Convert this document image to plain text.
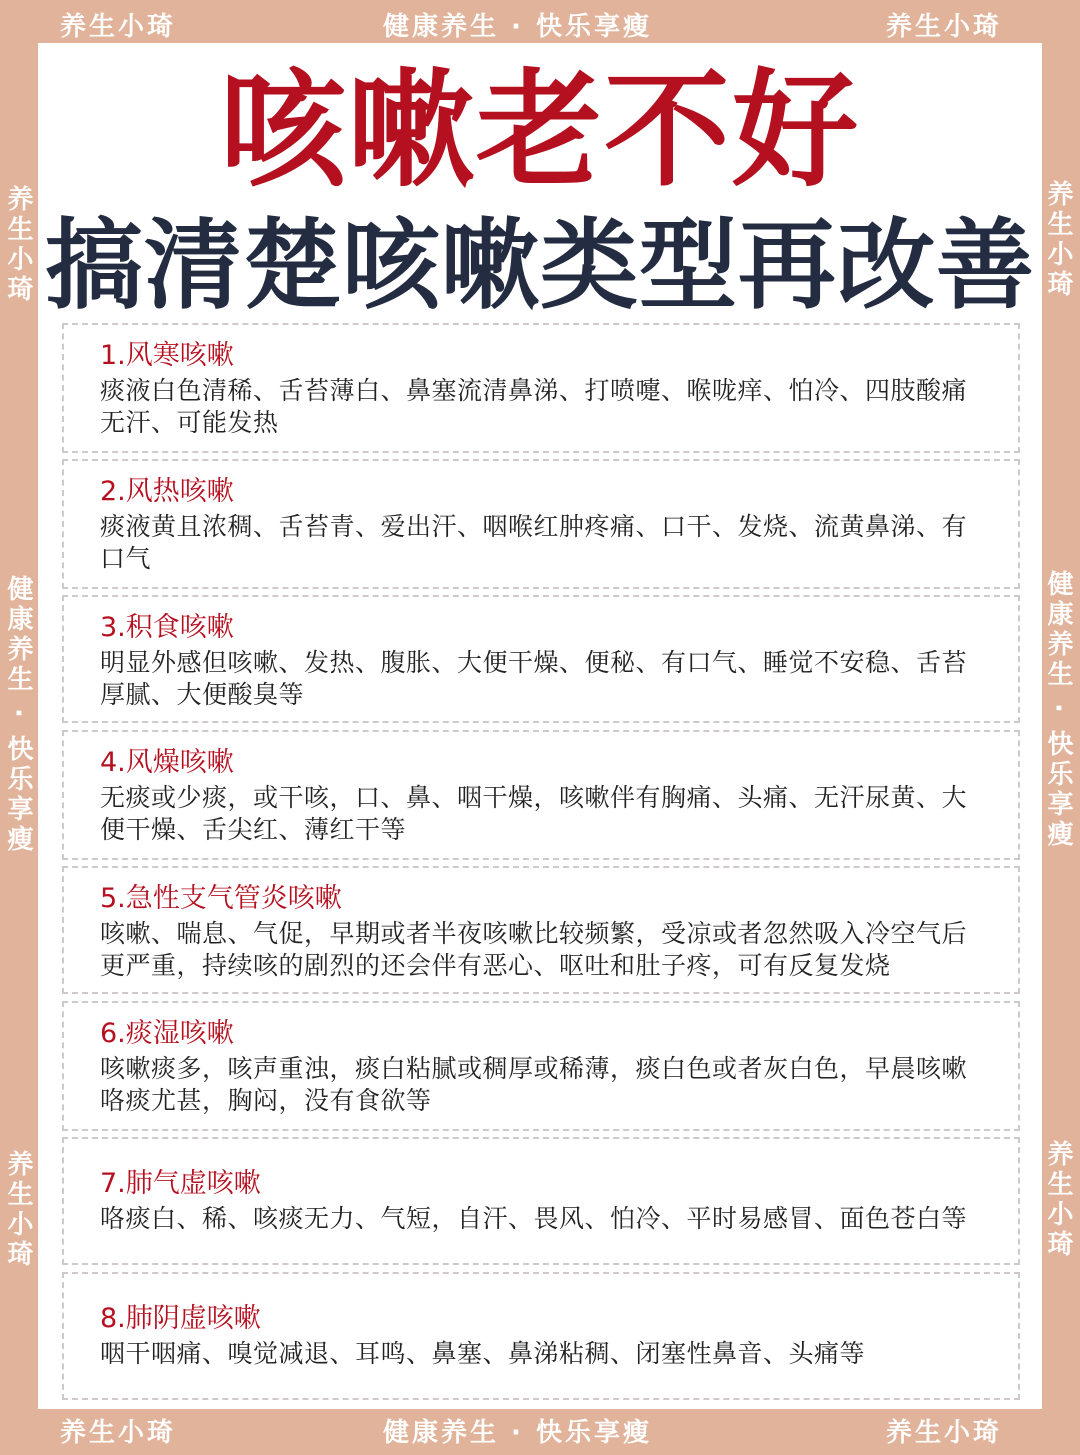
养生小琦	健康养生 · 快乐享瘦	养生小琦
养生小琦	健康养生 · 快乐享瘦	养生小琦
养生小琦
健康养生 · 快乐享瘦
养生小琦
养生小琦
健康养生 · 快乐享瘦
养生小琦
咳嗽老不好
搞清楚咳嗽类型再改善
1.风寒咳嗽
痰液白色清稀、舌苔薄白、鼻塞流清鼻涕、打喷嚏、喉咙痒、怕冷、四肢酸痛无汗、可能发热
2.风热咳嗽
痰液黄且浓稠、舌苔青、爱出汗、咽喉红肿疼痛、口干、发烧、流黄鼻涕、有口气
3.积食咳嗽
明显外感但咳嗽、发热、腹胀、大便干燥、便秘、有口气、睡觉不安稳、舌苔厚腻、大便酸臭等
4.风燥咳嗽
无痰或少痰，或干咳，口、鼻、咽干燥，咳嗽伴有胸痛、头痛、无汗尿黄、大便干燥、舌尖红、薄红干等
5.急性支气管炎咳嗽
咳嗽、喘息、气促，早期或者半夜咳嗽比较频繁，受凉或者忽然吸入冷空气后更严重，持续咳的剧烈的还会伴有恶心、呕吐和肚子疼，可有反复发烧
6.痰湿咳嗽
咳嗽痰多，咳声重浊，痰白粘腻或稠厚或稀薄，痰白色或者灰白色，早晨咳嗽咯痰尤甚，胸闷，没有食欲等
7.肺气虚咳嗽
咯痰白、稀、咳痰无力、气短，自汗、畏风、怕冷、平时易感冒、面色苍白等
8.肺阴虚咳嗽
咽干咽痛、嗅觉减退、耳鸣、鼻塞、鼻涕粘稠、闭塞性鼻音、头痛等
